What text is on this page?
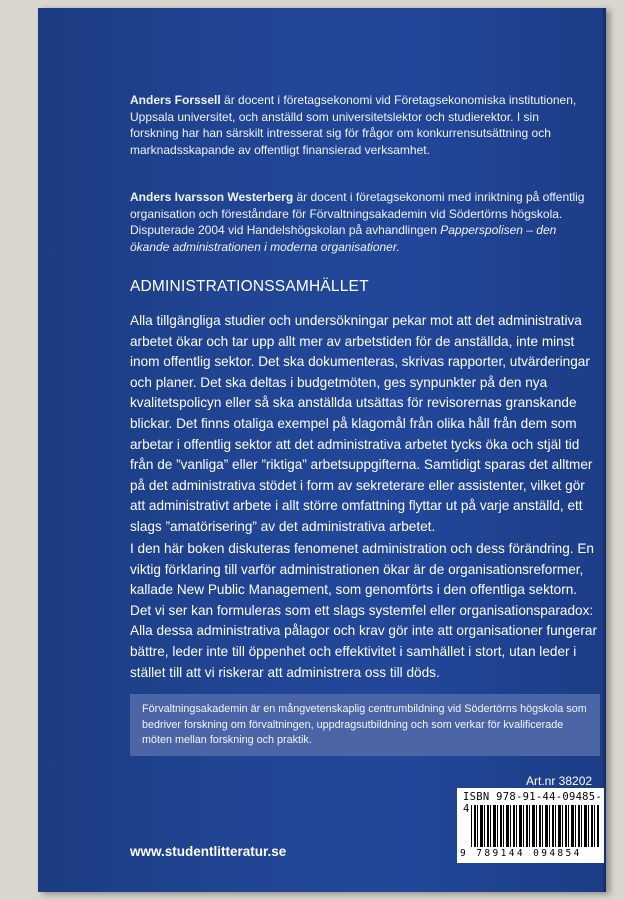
Anders Forssell är docent i företagsekonomi vid Företagsekonomiska institutionen, Uppsala universitet, och anställd som universitetslektor och studierektor. I sin forskning har han särskilt intresserat sig för frågor om konkurrensutsättning och marknadsskapande av offentligt finansierad verksamhet.

Anders Ivarsson Westerberg är docent i företagsekonomi med inriktning på offentlig organisation och föreståndare för Förvaltningsakademin vid Södertörns högskola. Disputerade 2004 vid Handelshögskolan på avhandlingen Papperspolisen – den ökande administrationen i moderna organisationer.

ADMINISTRATIONSSAMHÄLLET

Alla tillgängliga studier och undersökningar pekar mot att det administrativa arbetet ökar och tar upp allt mer av arbetstiden för de anställda, inte minst inom offentlig sektor. Det ska dokumenteras, skrivas rapporter, utvärderingar och planer. Det ska deltas i budgetmöten, ges synpunkter på den nya kvalitetspolicyn eller så ska anställda utsättas för revisorernas granskande blickar. Det finns otaliga exempel på klagomål från olika håll från dem som arbetar i offentlig sektor att det administrativa arbetet tycks öka och stjäl tid från de ”vanliga” eller ”riktiga” arbetsuppgifterna. Samtidigt sparas det alltmer på det administrativa stödet i form av sekreterare eller assistenter, vilket gör att administrativt arbete i allt större omfattning flyttar ut på varje anställd, ett slags ”amatörisering” av det administrativa arbetet.

I den här boken diskuteras fenomenet administration och dess förändring. En viktig förklaring till varför administrationen ökar är de organisationsreformer, kallade New Public Management, som genomförts i den offentliga sektorn. Det vi ser kan formuleras som ett slags systemfel eller organisationsparadox: Alla dessa administrativa pålagor och krav gör inte att organisationer fungerar bättre, leder inte till öppenhet och effektivitet i samhället i stort, utan leder i stället till att vi riskerar att administrera oss till döds.

Förvaltningsakademin är en mångvetenskaplig centrumbildning vid Södertörns högskola som bedriver forskning om förvaltningen, uppdragsutbildning och som verkar för kvalificerade möten mellan forskning och praktik.
Art.nr 38202
ISBN 978-91-44-09485-4
9 789144 094854
www.studentlitteratur.se
